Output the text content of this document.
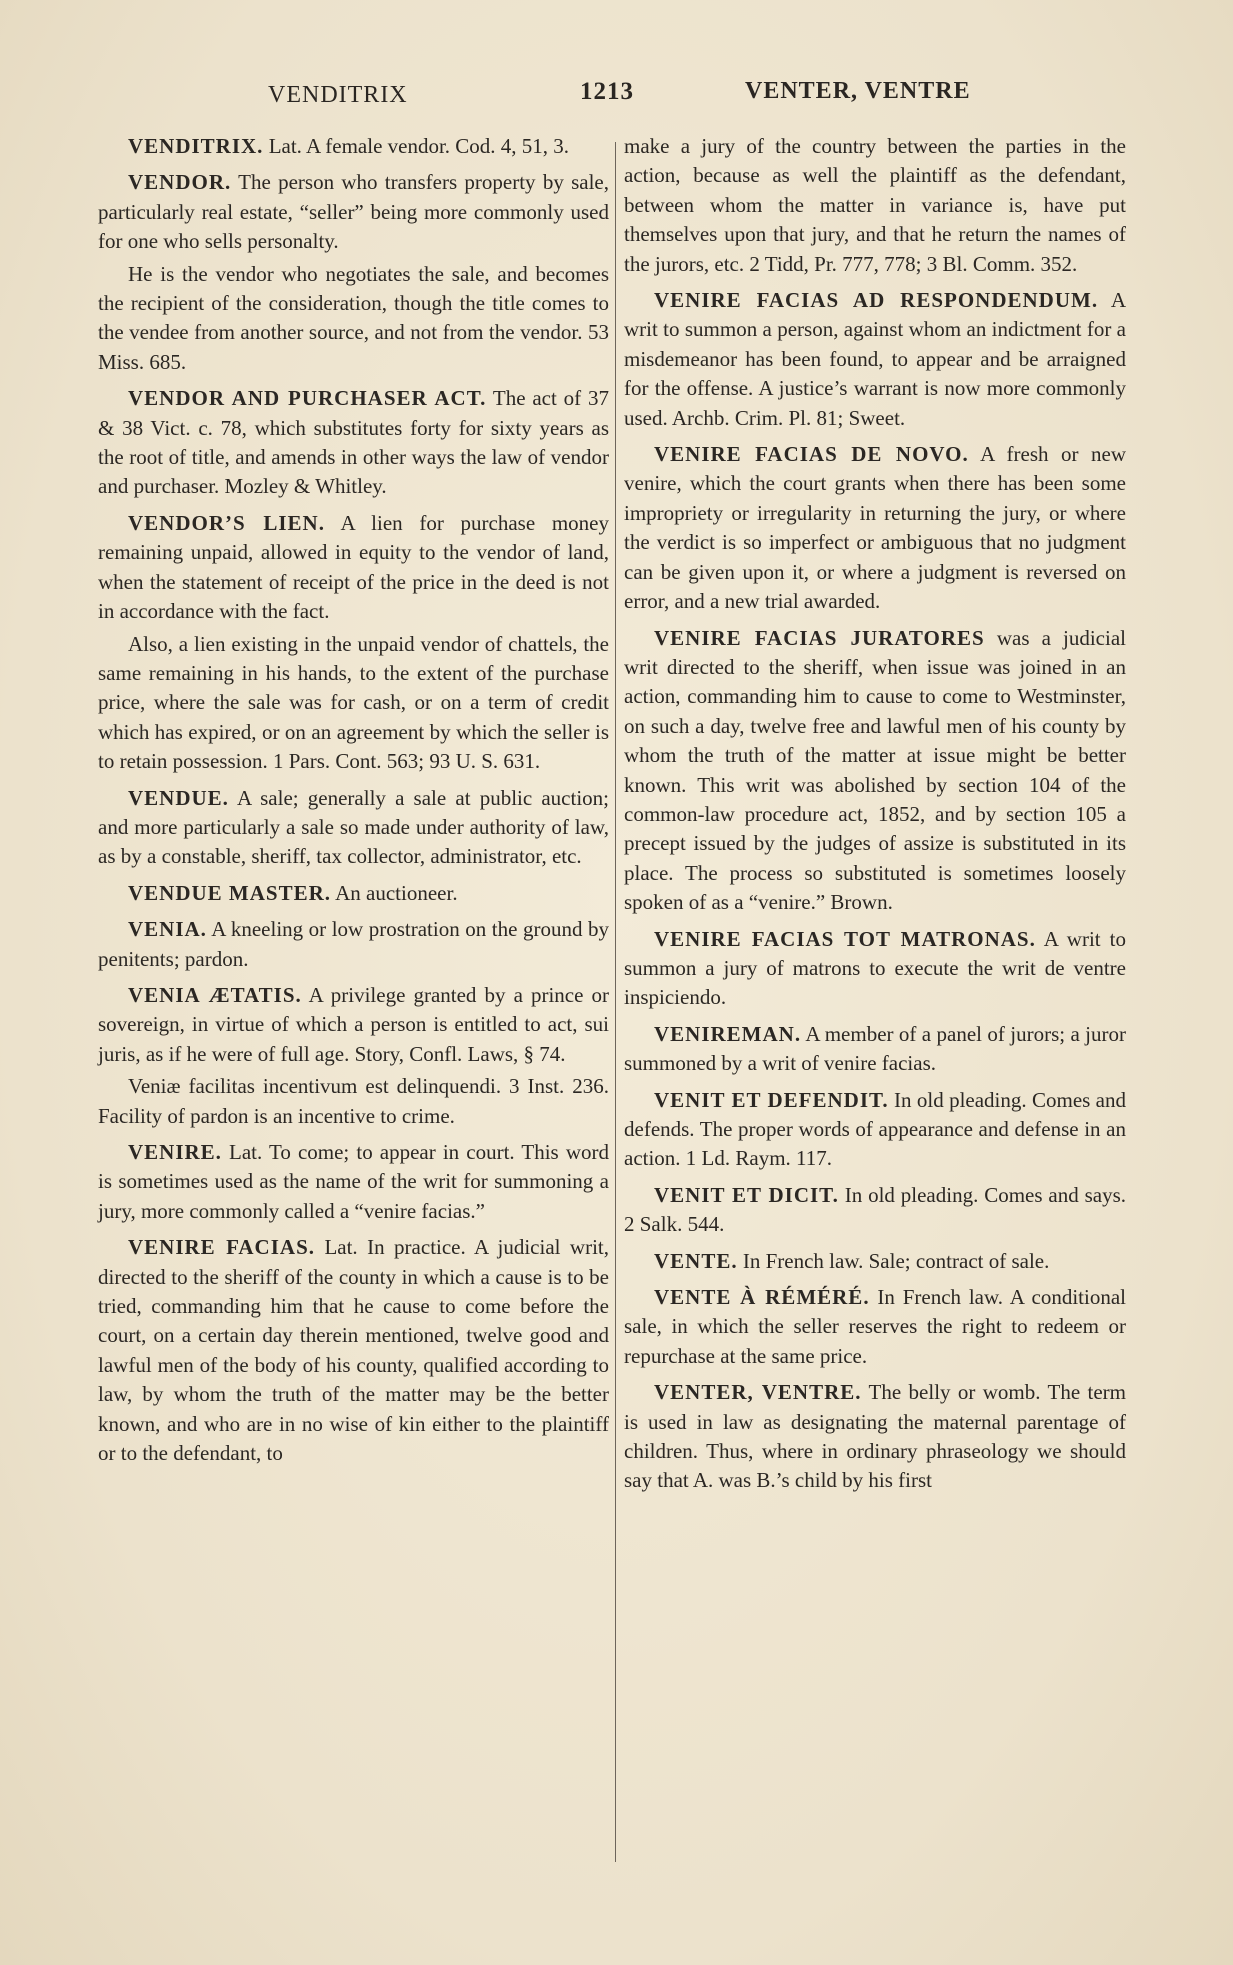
VENDITRIX	1213	VENTER, VENTRE

VENDITRIX. Lat. A female vendor. Cod. 4, 51, 3.

VENDOR. The person who transfers property by sale, particularly real estate, “seller” being more commonly used for one who sells personalty.

He is the vendor who negotiates the sale, and becomes the recipient of the consideration, though the title comes to the vendee from another source, and not from the vendor. 53 Miss. 685.

VENDOR AND PURCHASER ACT. The act of 37 & 38 Vict. c. 78, which substitutes forty for sixty years as the root of title, and amends in other ways the law of vendor and purchaser. Mozley & Whitley.

VENDOR’S LIEN. A lien for purchase money remaining unpaid, allowed in equity to the vendor of land, when the statement of receipt of the price in the deed is not in accordance with the fact.

Also, a lien existing in the unpaid vendor of chattels, the same remaining in his hands, to the extent of the purchase price, where the sale was for cash, or on a term of credit which has expired, or on an agreement by which the seller is to retain possession. 1 Pars. Cont. 563; 93 U. S. 631.

VENDUE. A sale; generally a sale at public auction; and more particularly a sale so made under authority of law, as by a constable, sheriff, tax collector, administrator, etc.

VENDUE MASTER. An auctioneer.

VENIA. A kneeling or low prostration on the ground by penitents; pardon.

VENIA ÆTATIS. A privilege granted by a prince or sovereign, in virtue of which a person is entitled to act, sui juris, as if he were of full age. Story, Confl. Laws, § 74.

Veniæ facilitas incentivum est delinquendi. 3 Inst. 236. Facility of pardon is an incentive to crime.

VENIRE. Lat. To come; to appear in court. This word is sometimes used as the name of the writ for summoning a jury, more commonly called a “venire facias.”

VENIRE FACIAS. Lat. In practice. A judicial writ, directed to the sheriff of the county in which a cause is to be tried, commanding him that he cause to come before the court, on a certain day therein mentioned, twelve good and lawful men of the body of his county, qualified according to law, by whom the truth of the matter may be the better known, and who are in no wise of kin either to the plaintiff or to the defendant, to

make a jury of the country between the parties in the action, because as well the plaintiff as the defendant, between whom the matter in variance is, have put themselves upon that jury, and that he return the names of the jurors, etc. 2 Tidd, Pr. 777, 778; 3 Bl. Comm. 352.

VENIRE FACIAS AD RESPONDENDUM. A writ to summon a person, against whom an indictment for a misdemeanor has been found, to appear and be arraigned for the offense. A justice’s warrant is now more commonly used. Archb. Crim. Pl. 81; Sweet.

VENIRE FACIAS DE NOVO. A fresh or new venire, which the court grants when there has been some impropriety or irregularity in returning the jury, or where the verdict is so imperfect or ambiguous that no judgment can be given upon it, or where a judgment is reversed on error, and a new trial awarded.

VENIRE FACIAS JURATORES was a judicial writ directed to the sheriff, when issue was joined in an action, commanding him to cause to come to Westminster, on such a day, twelve free and lawful men of his county by whom the truth of the matter at issue might be better known. This writ was abolished by section 104 of the common-law procedure act, 1852, and by section 105 a precept issued by the judges of assize is substituted in its place. The process so substituted is sometimes loosely spoken of as a “venire.” Brown.

VENIRE FACIAS TOT MATRONAS. A writ to summon a jury of matrons to execute the writ de ventre inspiciendo.

VENIREMAN. A member of a panel of jurors; a juror summoned by a writ of venire facias.

VENIT ET DEFENDIT. In old pleading. Comes and defends. The proper words of appearance and defense in an action. 1 Ld. Raym. 117.

VENIT ET DICIT. In old pleading. Comes and says. 2 Salk. 544.

VENTE. In French law. Sale; contract of sale.

VENTE À RÉMÉRÉ. In French law. A conditional sale, in which the seller reserves the right to redeem or repurchase at the same price.

VENTER, VENTRE. The belly or womb. The term is used in law as designating the maternal parentage of children. Thus, where in ordinary phraseology we should say that A. was B.’s child by his first
